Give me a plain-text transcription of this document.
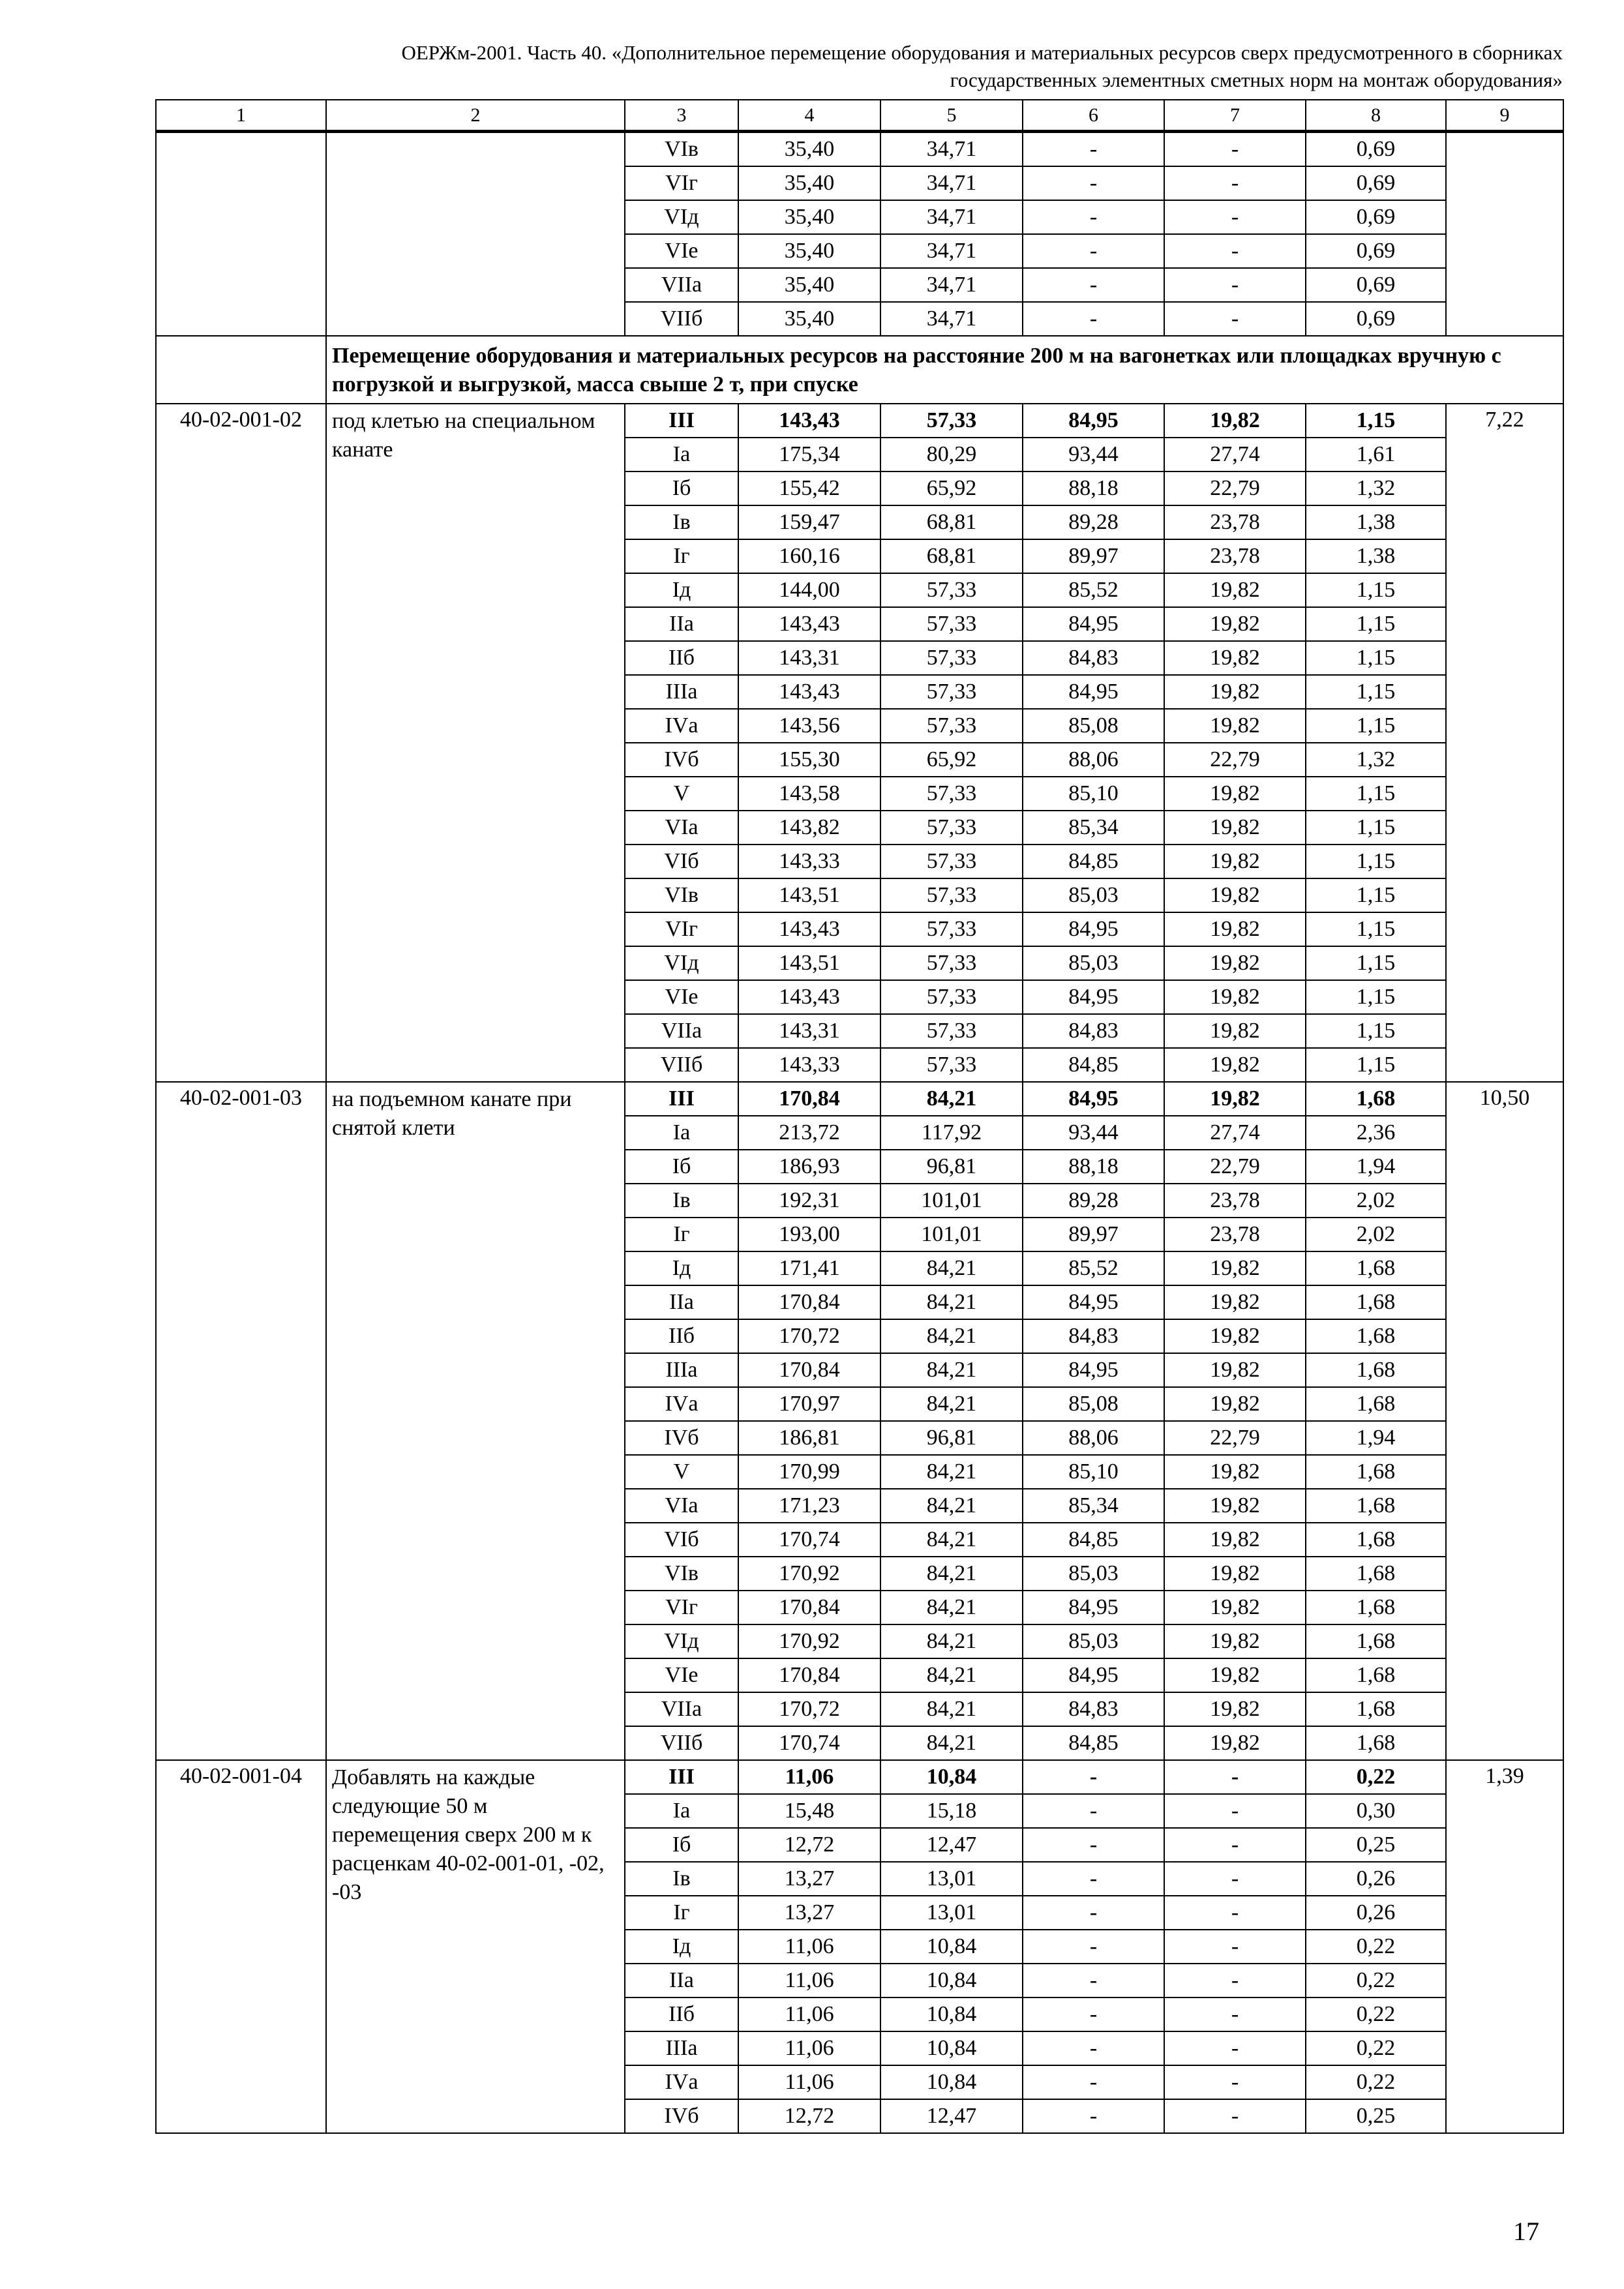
ОЕРЖм-2001. Часть 40. «Дополнительное перемещение оборудования и материальных ресурсов сверх предусмотренного в сборниках
государственных элементных сметных норм на монтаж оборудования»
1	2	3	4	5	6	7	8	9
		VIв	35,40	34,71	-	-	0,69	
		VIг	35,40	34,71	-	-	0,69	
		VIд	35,40	34,71	-	-	0,69	
		VIе	35,40	34,71	-	-	0,69	
		VIIа	35,40	34,71	-	-	0,69	
		VIIб	35,40	34,71	-	-	0,69	
	Перемещение оборудования и материальных ресурсов на расстояние 200 м на вагонетках или площадках вручную с погрузкой и выгрузкой, масса свыше 2 т, при спуске							
40-02-001-02	под клетью на специальном канате	III	143,43	57,33	84,95	19,82	1,15	7,22
		Iа	175,34	80,29	93,44	27,74	1,61	
		Iб	155,42	65,92	88,18	22,79	1,32	
		Iв	159,47	68,81	89,28	23,78	1,38	
		Iг	160,16	68,81	89,97	23,78	1,38	
		Iд	144,00	57,33	85,52	19,82	1,15	
		IIа	143,43	57,33	84,95	19,82	1,15	
		IIб	143,31	57,33	84,83	19,82	1,15	
		IIIа	143,43	57,33	84,95	19,82	1,15	
		IVа	143,56	57,33	85,08	19,82	1,15	
		IVб	155,30	65,92	88,06	22,79	1,32	
		V	143,58	57,33	85,10	19,82	1,15	
		VIа	143,82	57,33	85,34	19,82	1,15	
		VIб	143,33	57,33	84,85	19,82	1,15	
		VIв	143,51	57,33	85,03	19,82	1,15	
		VIг	143,43	57,33	84,95	19,82	1,15	
		VIд	143,51	57,33	85,03	19,82	1,15	
		VIе	143,43	57,33	84,95	19,82	1,15	
		VIIа	143,31	57,33	84,83	19,82	1,15	
		VIIб	143,33	57,33	84,85	19,82	1,15	
40-02-001-03	на подъемном канате при снятой клети	III	170,84	84,21	84,95	19,82	1,68	10,50
		Iа	213,72	117,92	93,44	27,74	2,36	
		Iб	186,93	96,81	88,18	22,79	1,94	
		Iв	192,31	101,01	89,28	23,78	2,02	
		Iг	193,00	101,01	89,97	23,78	2,02	
		Iд	171,41	84,21	85,52	19,82	1,68	
		IIа	170,84	84,21	84,95	19,82	1,68	
		IIб	170,72	84,21	84,83	19,82	1,68	
		IIIа	170,84	84,21	84,95	19,82	1,68	
		IVа	170,97	84,21	85,08	19,82	1,68	
		IVб	186,81	96,81	88,06	22,79	1,94	
		V	170,99	84,21	85,10	19,82	1,68	
		VIа	171,23	84,21	85,34	19,82	1,68	
		VIб	170,74	84,21	84,85	19,82	1,68	
		VIв	170,92	84,21	85,03	19,82	1,68	
		VIг	170,84	84,21	84,95	19,82	1,68	
		VIд	170,92	84,21	85,03	19,82	1,68	
		VIе	170,84	84,21	84,95	19,82	1,68	
		VIIа	170,72	84,21	84,83	19,82	1,68	
		VIIб	170,74	84,21	84,85	19,82	1,68	
40-02-001-04	Добавлять на каждые следующие 50 м перемещения сверх 200 м к расценкам 40-02-001-01, -02, -03	III	11,06	10,84	-	-	0,22	1,39
		Iа	15,48	15,18	-	-	0,30	
		Iб	12,72	12,47	-	-	0,25	
		Iв	13,27	13,01	-	-	0,26	
		Iг	13,27	13,01	-	-	0,26	
		Iд	11,06	10,84	-	-	0,22	
		IIа	11,06	10,84	-	-	0,22	
		IIб	11,06	10,84	-	-	0,22	
		IIIа	11,06	10,84	-	-	0,22	
		IVа	11,06	10,84	-	-	0,22	
		IVб	12,72	12,47	-	-	0,25	
17
